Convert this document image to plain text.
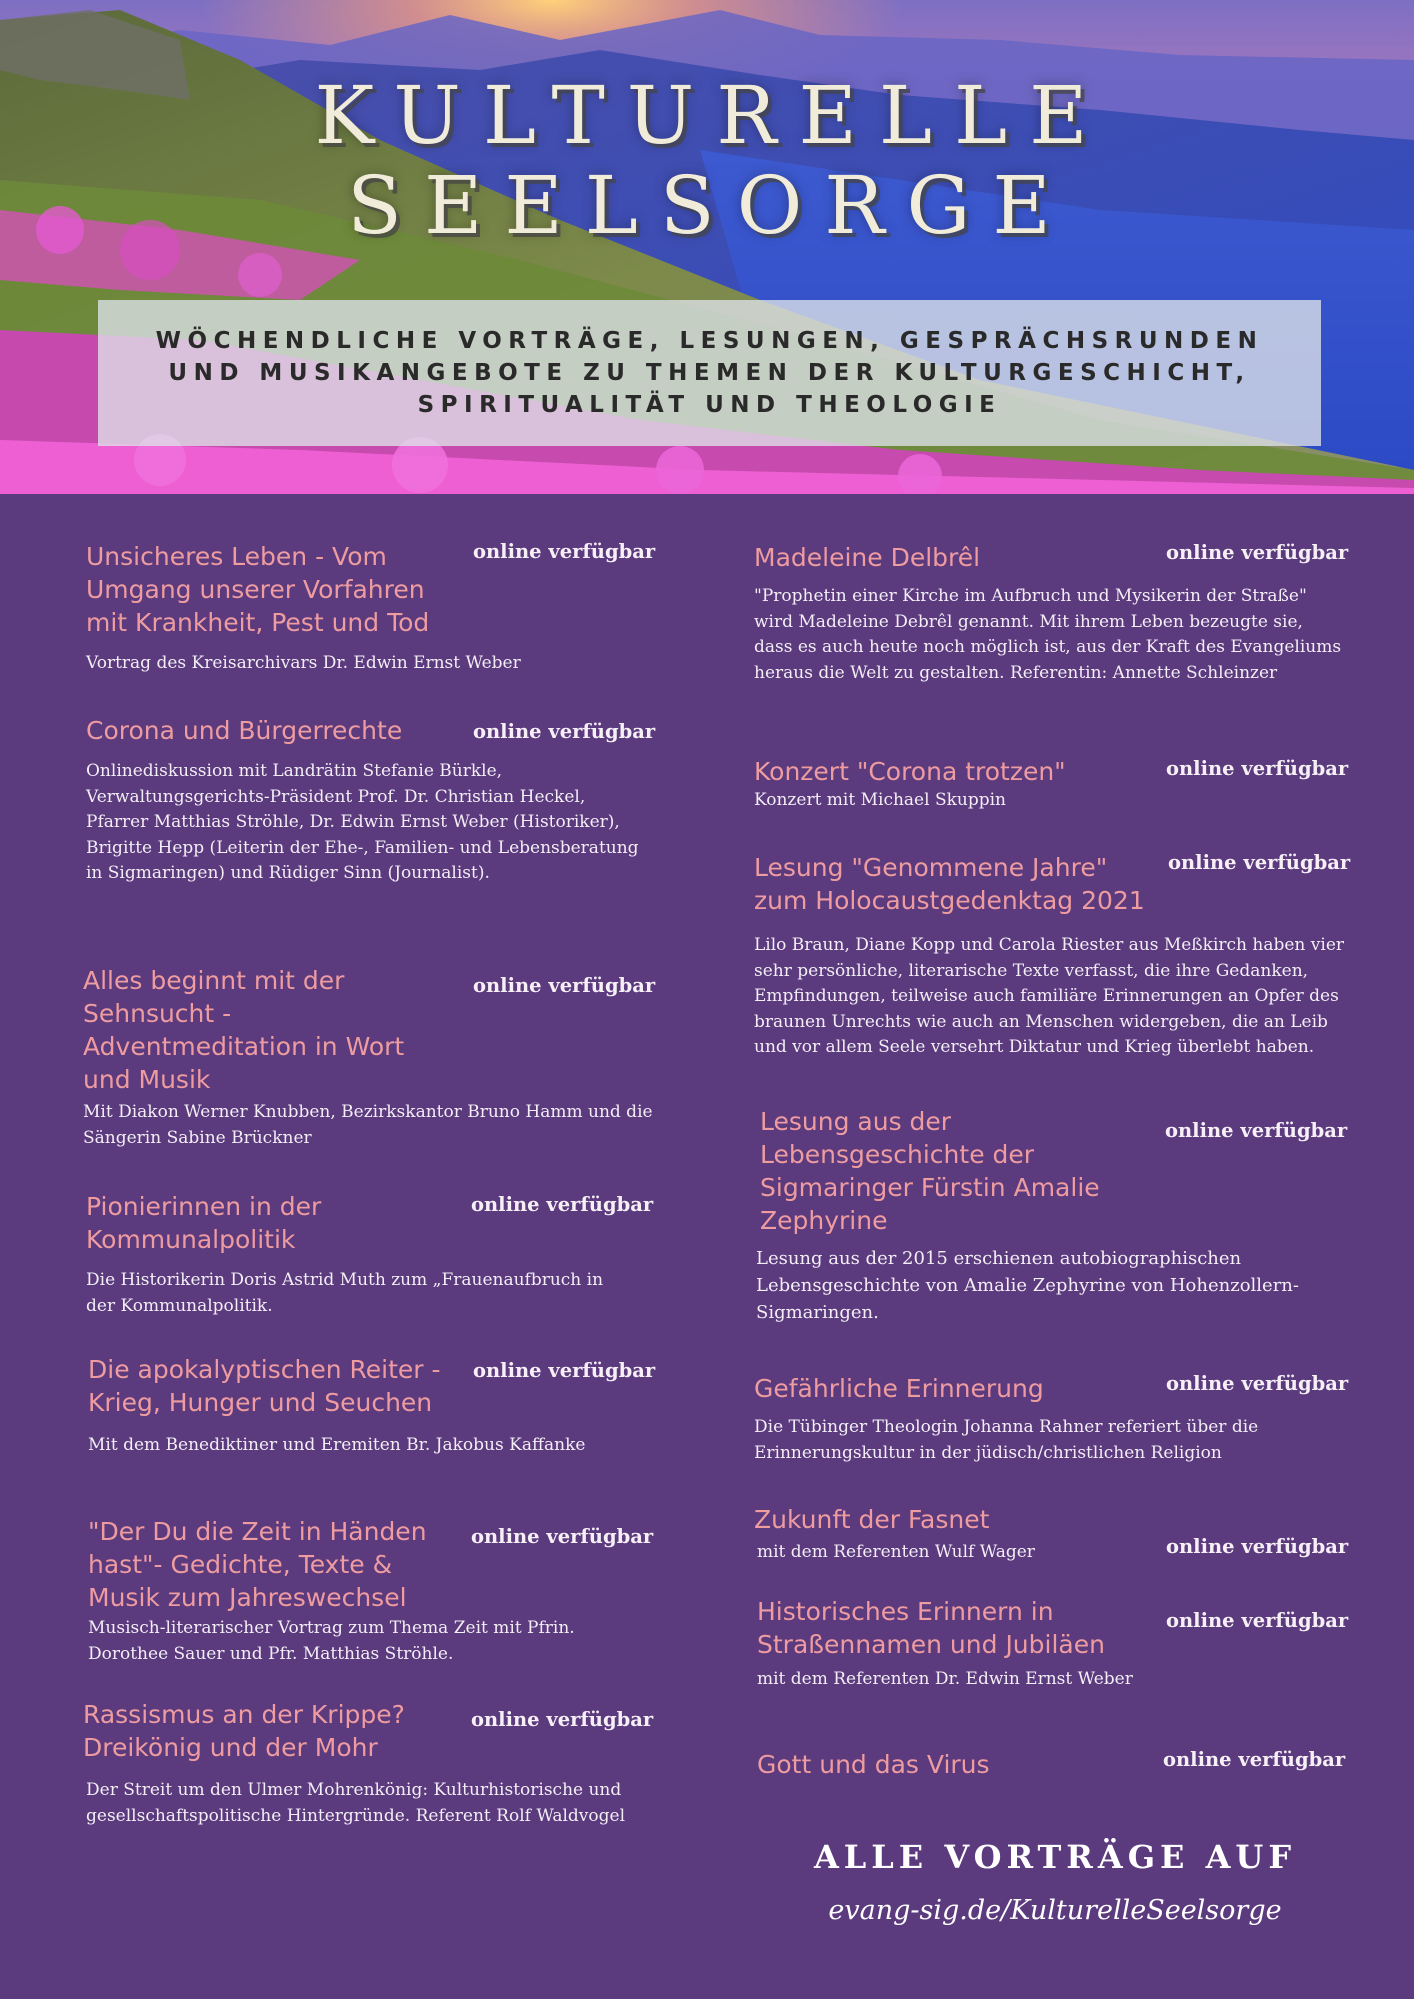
KULTURELLE
SEELSORGE
WÖCHENDLICHE VORTRÄGE, LESUNGEN, GESPRÄCHSRUNDEN UND MUSIKANGEBOTE ZU THEMEN DER KULTURGESCHICHT, SPIRITUALITÄT UND THEOLOGIE
Unsicheres Leben - Vom Umgang unserer Vorfahren mit Krankheit, Pest und Tod
Vortrag des Kreisarchivars Dr. Edwin Ernst Weber
online verfügbar
Corona und Bürgerrechte
Onlinediskussion mit Landrätin Stefanie Bürkle, Verwaltungsgerichts-Präsident Prof. Dr. Christian Heckel, Pfarrer Matthias Ströhle, Dr. Edwin Ernst Weber (Historiker), Brigitte Hepp (Leiterin der Ehe-, Familien- und Lebensberatung in Sigmaringen) und Rüdiger Sinn (Journalist).
online verfügbar
Alles beginnt mit der Sehnsucht - Adventmeditation in Wort und Musik
Mit Diakon Werner Knubben, Bezirkskantor Bruno Hamm und die Sängerin Sabine Brückner
online verfügbar
Pionierinnen in der Kommunalpolitik
Die Historikerin Doris Astrid Muth zum „Frauenaufbruch in der Kommunalpolitik.
online verfügbar
Die apokalyptischen Reiter - Krieg, Hunger und Seuchen
Mit dem Benediktiner und Eremiten Br. Jakobus Kaffanke
online verfügbar
"Der Du die Zeit in Händen hast"- Gedichte, Texte & Musik zum Jahreswechsel
Musisch-literarischer Vortrag zum Thema Zeit mit Pfrin. Dorothee Sauer und Pfr. Matthias Ströhle.
online verfügbar
Rassismus an der Krippe? Dreikönig und der Mohr
Der Streit um den Ulmer Mohrenkönig: Kulturhistorische und gesellschaftspolitische Hintergründe. Referent Rolf Waldvogel
online verfügbar
Madeleine Delbrêl
"Prophetin einer Kirche im Aufbruch und Mysikerin der Straße" wird Madeleine Debrêl genannt. Mit ihrem Leben bezeugte sie, dass es auch heute noch möglich ist, aus der Kraft des Evangeliums heraus die Welt zu gestalten. Referentin: Annette Schleinzer
online verfügbar
Konzert "Corona trotzen"
Konzert mit Michael Skuppin
online verfügbar
Lesung "Genommene Jahre" zum Holocaustgedenktag 2021
Lilo Braun, Diane Kopp und Carola Riester aus Meßkirch haben vier sehr persönliche, literarische Texte verfasst, die ihre Gedanken, Empfindungen, teilweise auch familiäre Erinnerungen an Opfer des braunen Unrechts wie auch an Menschen widergeben, die an Leib und vor allem Seele versehrt Diktatur und Krieg überlebt haben.
online verfügbar
Lesung aus der Lebensgeschichte der Sigmaringer Fürstin Amalie Zephyrine
Lesung aus der 2015 erschienen autobiographischen Lebensgeschichte von Amalie Zephyrine von Hohenzollern-Sigmaringen.
online verfügbar
Gefährliche Erinnerung
Die Tübinger Theologin Johanna Rahner referiert über die Erinnerungskultur in der jüdisch/christlichen Religion
online verfügbar
Zukunft der Fasnet
mit dem Referenten Wulf Wager	online verfügbar
Historisches Erinnern in Straßennamen und Jubiläen
mit dem Referenten Dr. Edwin Ernst Weber
online verfügbar
Gott und das Virus	online verfügbar
ALLE VORTRÄGE AUF
evang-sig.de/KulturelleSeelsorge
